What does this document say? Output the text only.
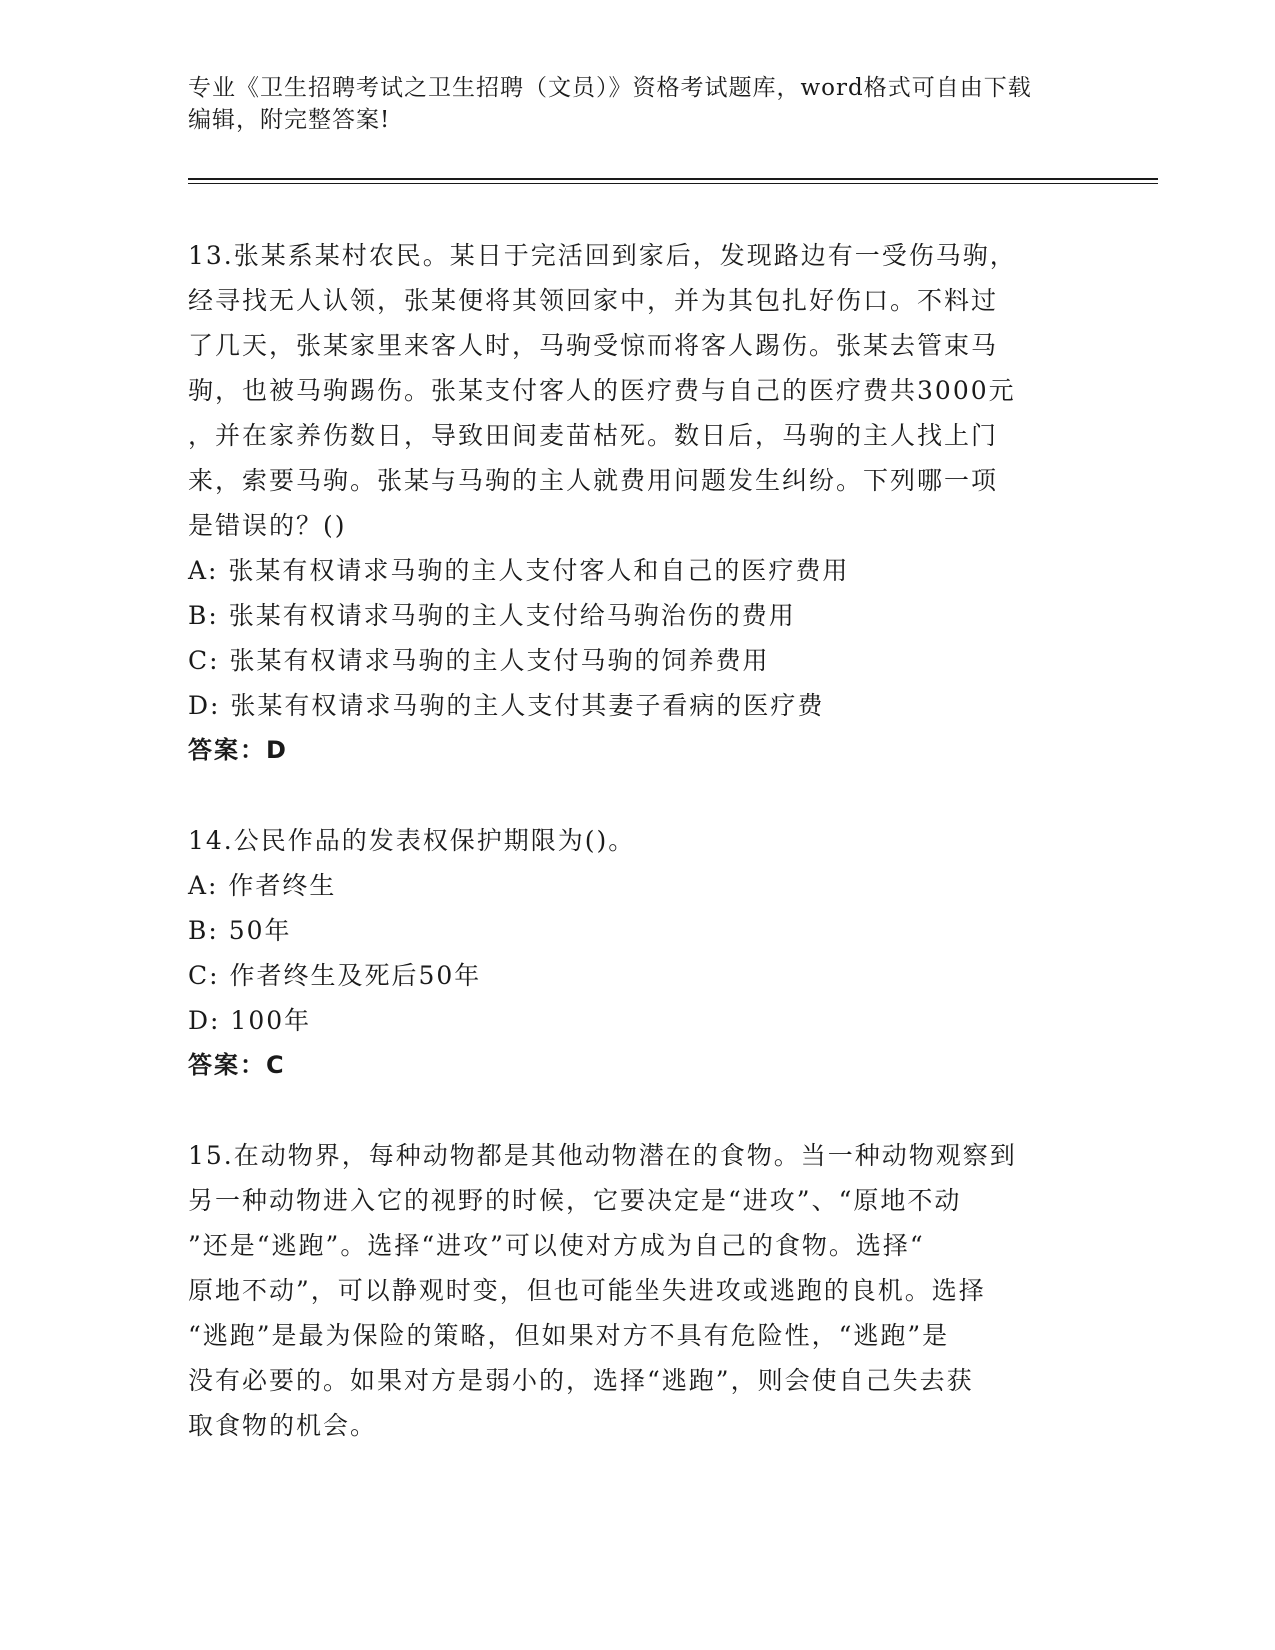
专业《卫生招聘考试之卫生招聘（文员）》资格考试题库，word格式可自由下载
编辑，附完整答案!
13.张某系某村农民。某日于完活回到家后，发现路边有一受伤马驹，
经寻找无人认领，张某便将其领回家中，并为其包扎好伤口。不料过
了几天，张某家里来客人时，马驹受惊而将客人踢伤。张某去管束马
驹，也被马驹踢伤。张某支付客人的医疗费与自己的医疗费共3000元
，并在家养伤数日，导致田间麦苗枯死。数日后，马驹的主人找上门
来，索要马驹。张某与马驹的主人就费用问题发生纠纷。下列哪一项
是错误的？()
A: 张某有权请求马驹的主人支付客人和自己的医疗费用
B: 张某有权请求马驹的主人支付给马驹治伤的费用
C: 张某有权请求马驹的主人支付马驹的饲养费用
D: 张某有权请求马驹的主人支付其妻子看病的医疗费
答案：D
14.公民作品的发表权保护期限为()。
A: 作者终生
B: 50年
C: 作者终生及死后50年
D: 100年
答案：C
15.在动物界，每种动物都是其他动物潜在的食物。当一种动物观察到
另一种动物进入它的视野的时候，它要决定是“进攻”、“原地不动
”还是“逃跑”。选择“进攻”可以使对方成为自己的食物。选择“
原地不动”，可以静观时变，但也可能坐失进攻或逃跑的良机。选择
“逃跑”是最为保险的策略，但如果对方不具有危险性，“逃跑”是
没有必要的。如果对方是弱小的，选择“逃跑”，则会使自己失去获
取食物的机会。
